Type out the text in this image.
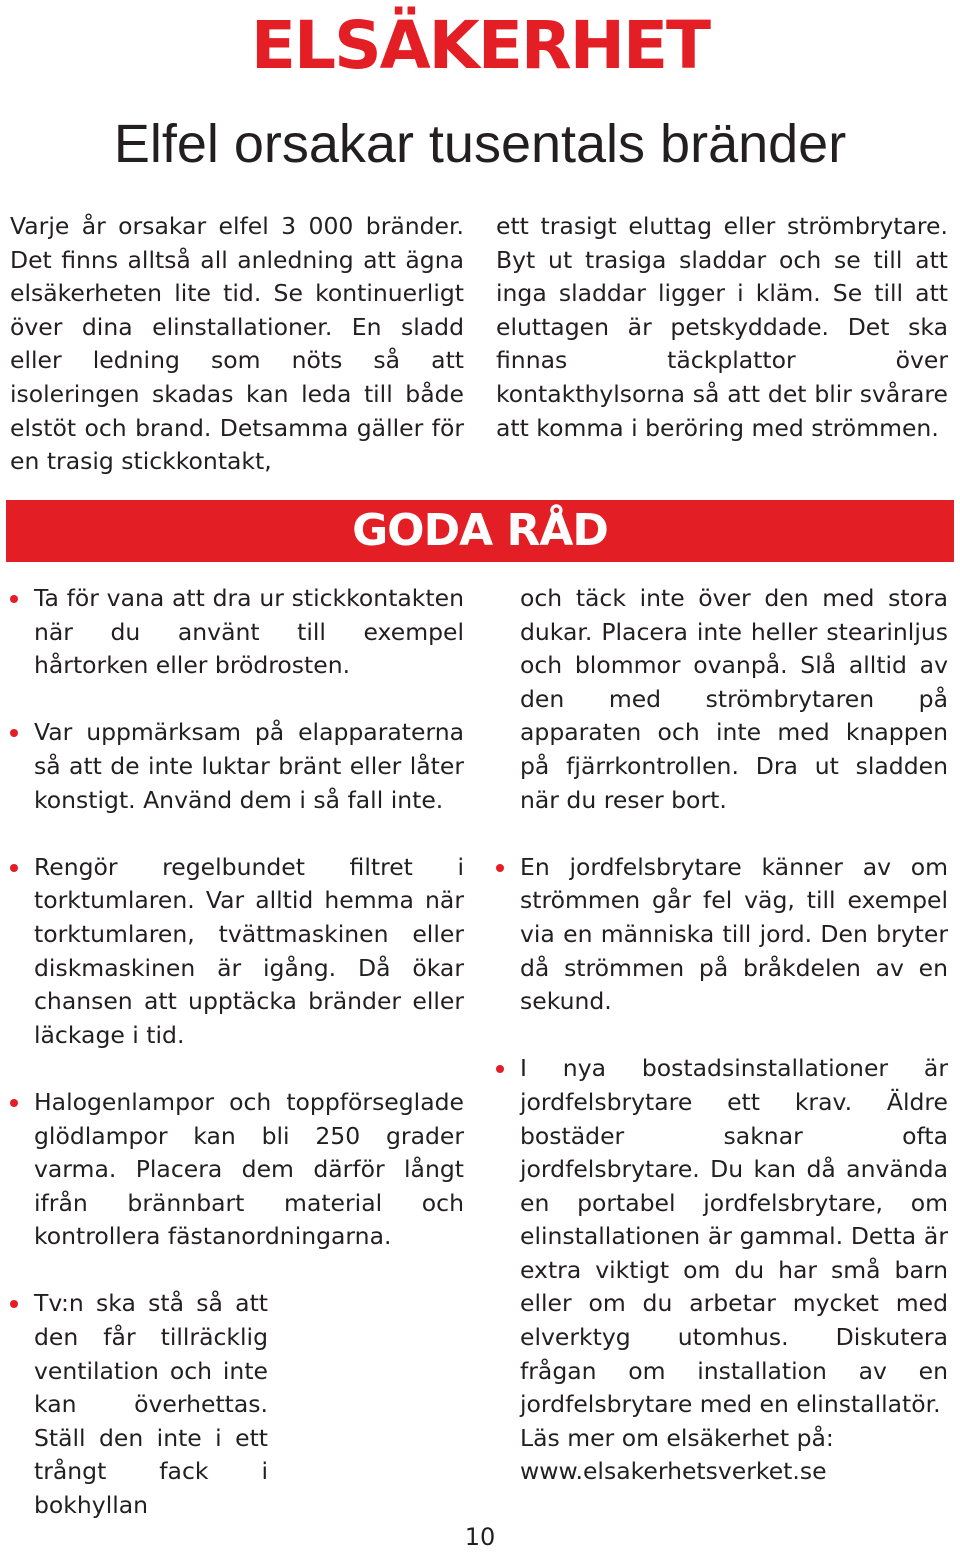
ELSÄKERHET
Elfel orsakar tusentals bränder

Varje år orsakar elfel 3 000 bränder. Det finns alltså all anledning att ägna elsäkerheten lite tid. Se kontinuerligt över dina elinstallationer. En sladd eller ledning som nöts så att isoleringen skadas kan leda till både elstöt och brand. Detsamma gäller för en trasig stickkontakt,

ett trasigt eluttag eller strömbrytare. Byt ut trasiga sladdar och se till att inga sladdar ligger i kläm. Se till att eluttagen är petskyddade. Det ska finnas täckplattor över kontakthylsorna så att det blir svårare att komma i beröring med strömmen.

GODA RÅD
Ta för vana att dra ur stickkontakten när du använt till exempel hårtorken eller brödrosten.
Var uppmärksam på elapparaterna så att de inte luktar bränt eller låter konstigt. Använd dem i så fall inte.
Rengör regelbundet filtret i torktumlaren. Var alltid hemma när torktumlaren, tvättmaskinen eller diskmaskinen är igång. Då ökar chansen att upptäcka bränder eller läckage i tid.
Halogenlampor och toppförseglade glödlampor kan bli 250 grader varma. Placera dem därför långt ifrån brännbart material och kontrollera fästanordningarna.
Tv:n ska stå så att den får tillräcklig ventilation och inte kan överhettas. Ställ den inte i ett trångt fack i bokhyllan
och täck inte över den med stora dukar. Placera inte heller stearinljus och blommor ovanpå. Slå alltid av den med strömbrytaren på apparaten och inte med knappen på fjärrkontrollen. Dra ut sladden när du reser bort.
En jordfelsbrytare känner av om strömmen går fel väg, till exempel via en människa till jord. Den bryter då strömmen på bråkdelen av en sekund.
I nya bostadsinstallationer är jordfelsbrytare ett krav. Äldre bostäder saknar ofta jordfelsbrytare. Du kan då använda en portabel jordfelsbrytare, om elinstallationen är gammal. Detta är extra viktigt om du har små barn eller om du arbetar mycket med elverktyg utomhus. Diskutera frågan om installation av en jordfelsbrytare med en elinstallatör.
Läs mer om elsäkerhet på:
www.elsakerhetsverket.se
10
